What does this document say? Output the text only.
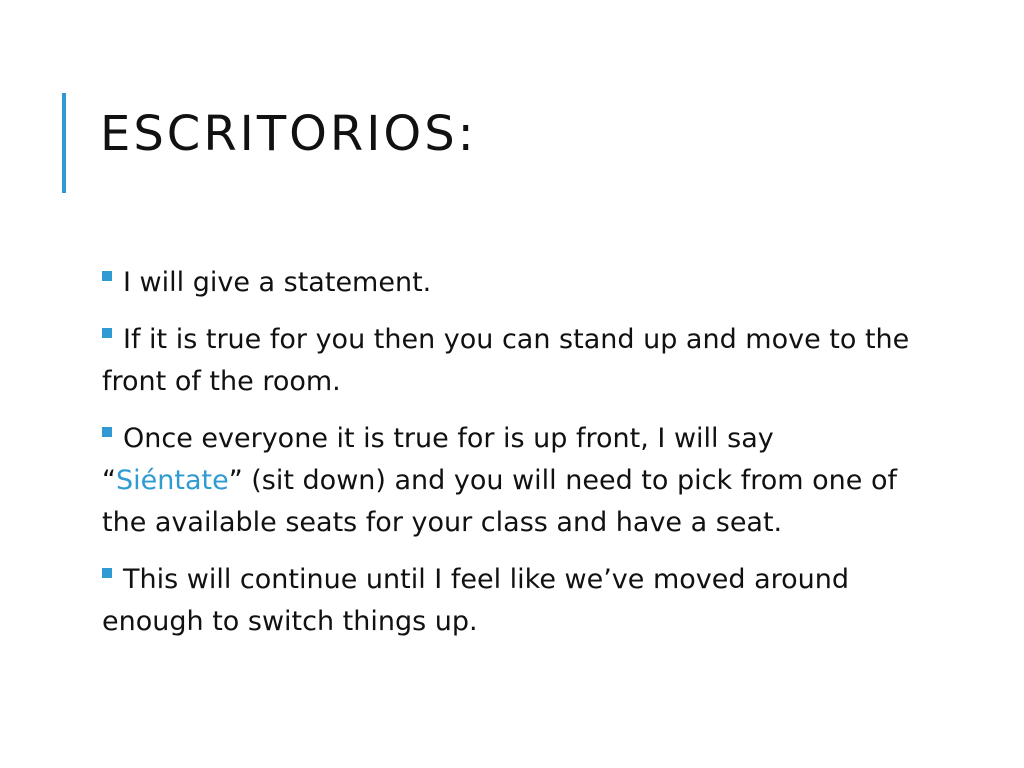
ESCRITORIOS:
I will give a statement.
If it is true for you then you can stand up and move to the front of the room.
Once everyone it is true for is up front, I will say “Siéntate” (sit down) and you will need to pick from one of the available seats for your class and have a seat.
This will continue until I feel like we’ve moved around enough to switch things up.
